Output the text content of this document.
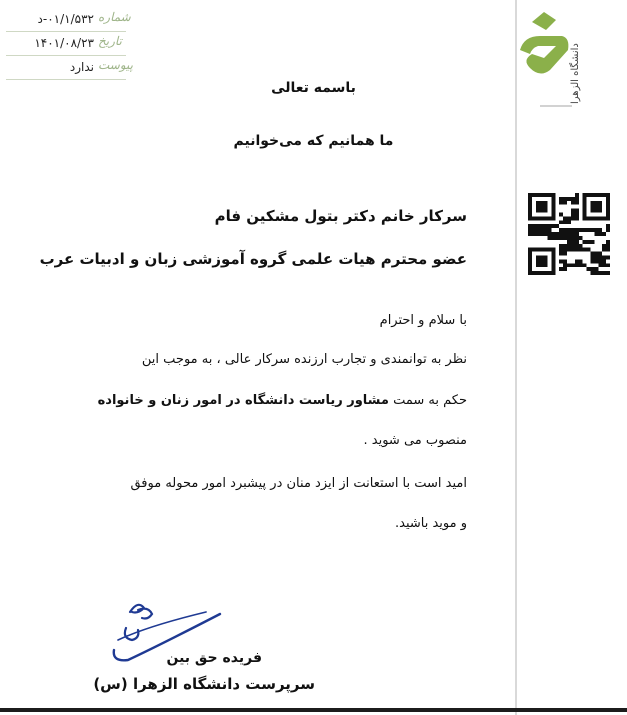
شماره
۰۱/۱/۵۳۲-د
تاریخ
۱۴۰۱/۰۸/۲۳
پیوست
ندارد	دانشگاه الزهرا
باسمه تعالی
ما همانیم که می‌خوانیم
سرکار خانم دکتر بتول مشکین فام
عضو محترم هیات علمی گروه آموزشی زبان و ادبیات عرب
با سلام و احترام
نظر به توانمندی و تجارب ارزنده سرکار عالی ، به موجب این
حکم به سمت مشاور ریاست دانشگاه در امور زنان و خانواده
منصوب می شوید .
امید است با استعانت از ایزد منان در پیشبرد امور محوله موفق
و موید باشید.
فریده حق بین
سرپرست دانشگاه الزهرا (س)
